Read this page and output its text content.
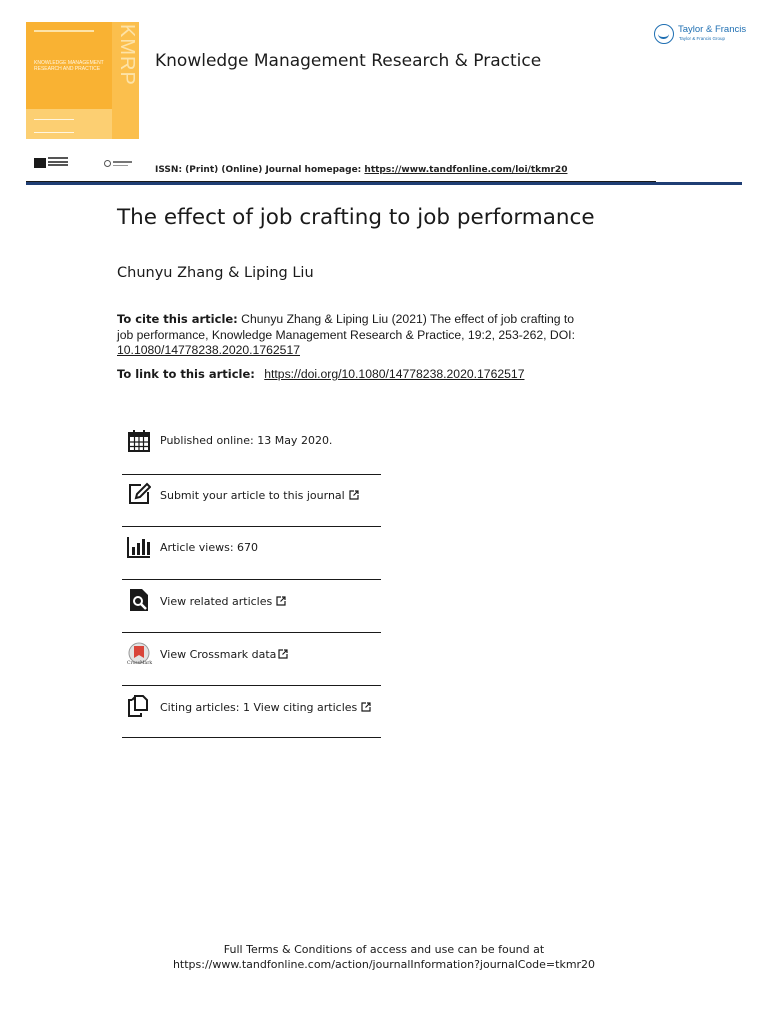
KMRP
KNOWLEDGE MANAGEMENT RESEARCH AND PRACTICE	Knowledge Management Research & Practice
Taylor & Francis
Taylor & Francis Group
ISSN: (Print) (Online) Journal homepage: https://www.tandfonline.com/loi/tkmr20
The effect of job crafting to job performance
Chunyu Zhang & Liping Liu
To cite this article: Chunyu Zhang & Liping Liu (2021) The effect of job crafting to job performance, Knowledge Management Research & Practice, 19:2, 253-262, DOI: 10.1080/14778238.2020.1762517
To link to this article: https://doi.org/10.1080/14778238.2020.1762517
Published online: 13 May 2020.
Submit your article to this journal
Article views: 670
View related articles
CrossMark
View Crossmark data
Citing articles: 1 View citing articles
Full Terms & Conditions of access and use can be found at
https://www.tandfonline.com/action/journalInformation?journalCode=tkmr20
